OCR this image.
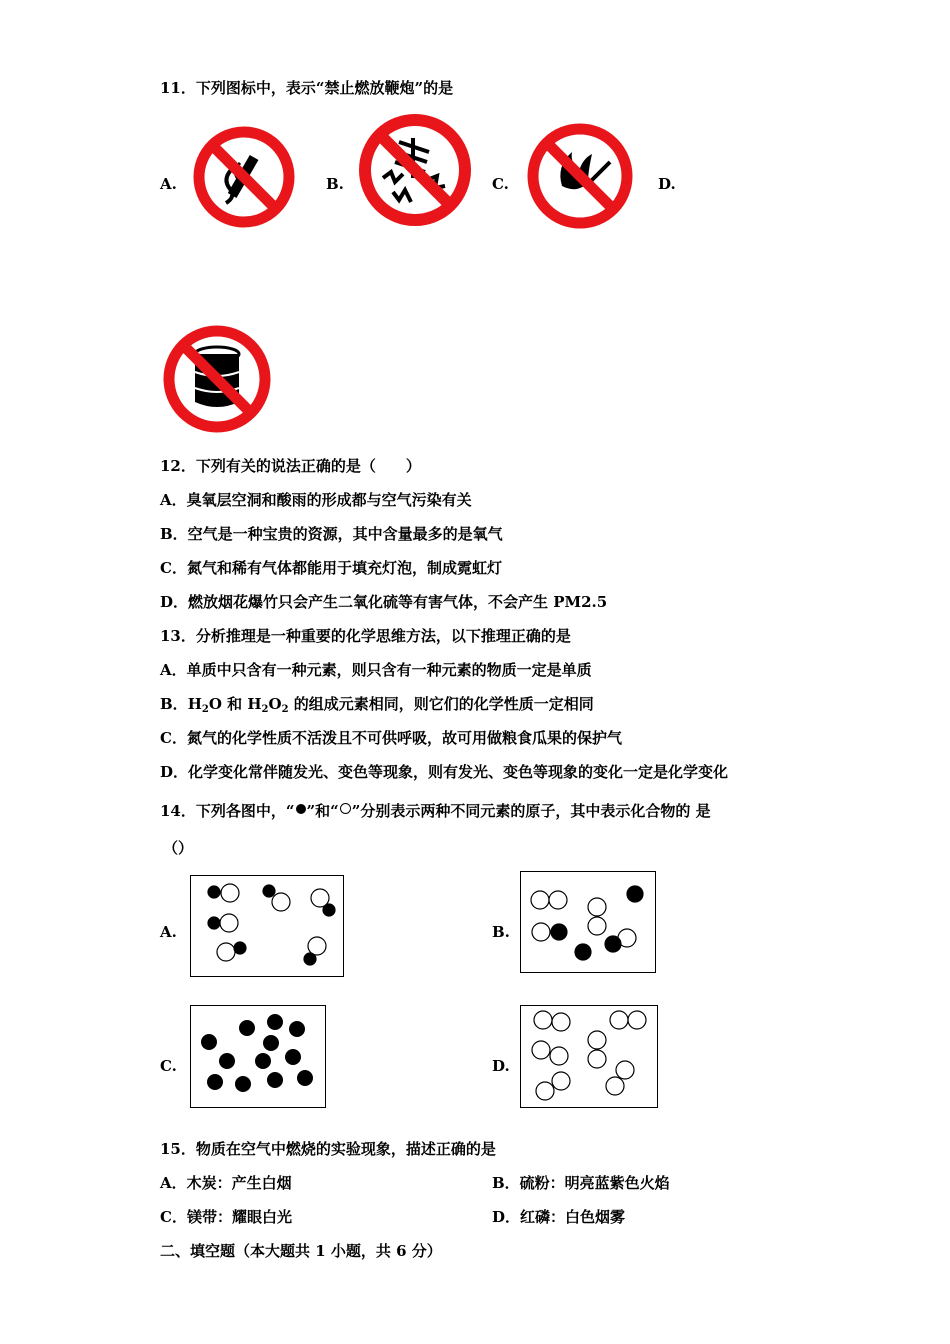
11．下列图标中，表示“禁止燃放鞭炮”的是
A.	B.	C.	D.
12．下列有关的说法正确的是（　　）
A．臭氧层空洞和酸雨的形成都与空气污染有关
B．空气是一种宝贵的资源，其中含量最多的是氧气
C．氮气和稀有气体都能用于填充灯泡，制成霓虹灯
D．燃放烟花爆竹只会产生二氧化硫等有害气体，不会产生 PM2.5
13．分析推理是一种重要的化学思维方法，以下推理正确的是
A．单质中只含有一种元素，则只含有一种元素的物质一定是单质
B．$H_2O$ 和 $H_2O_2$ 的组成元素相同，则它们的化学性质一定相同
C．氮气的化学性质不活泼且不可供呼吸，故可用做粮食瓜果的保护气
D．化学变化常伴随发光、变色等现象，则有发光、变色等现象的变化一定是化学变化
14．下列各图中，“ ”和“ ”分别表示两种不同元素的原子，其中表示化合物的 是
（）
A.	B.
C.	D.
15．物质在空气中燃烧的实验现象，描述正确的是
A．木炭：产生白烟	B．硫粉：明亮蓝紫色火焰
C．镁带：耀眼白光	D．红磷：白色烟雾
二、填空题（本大题共 1 小题，共 6 分）
